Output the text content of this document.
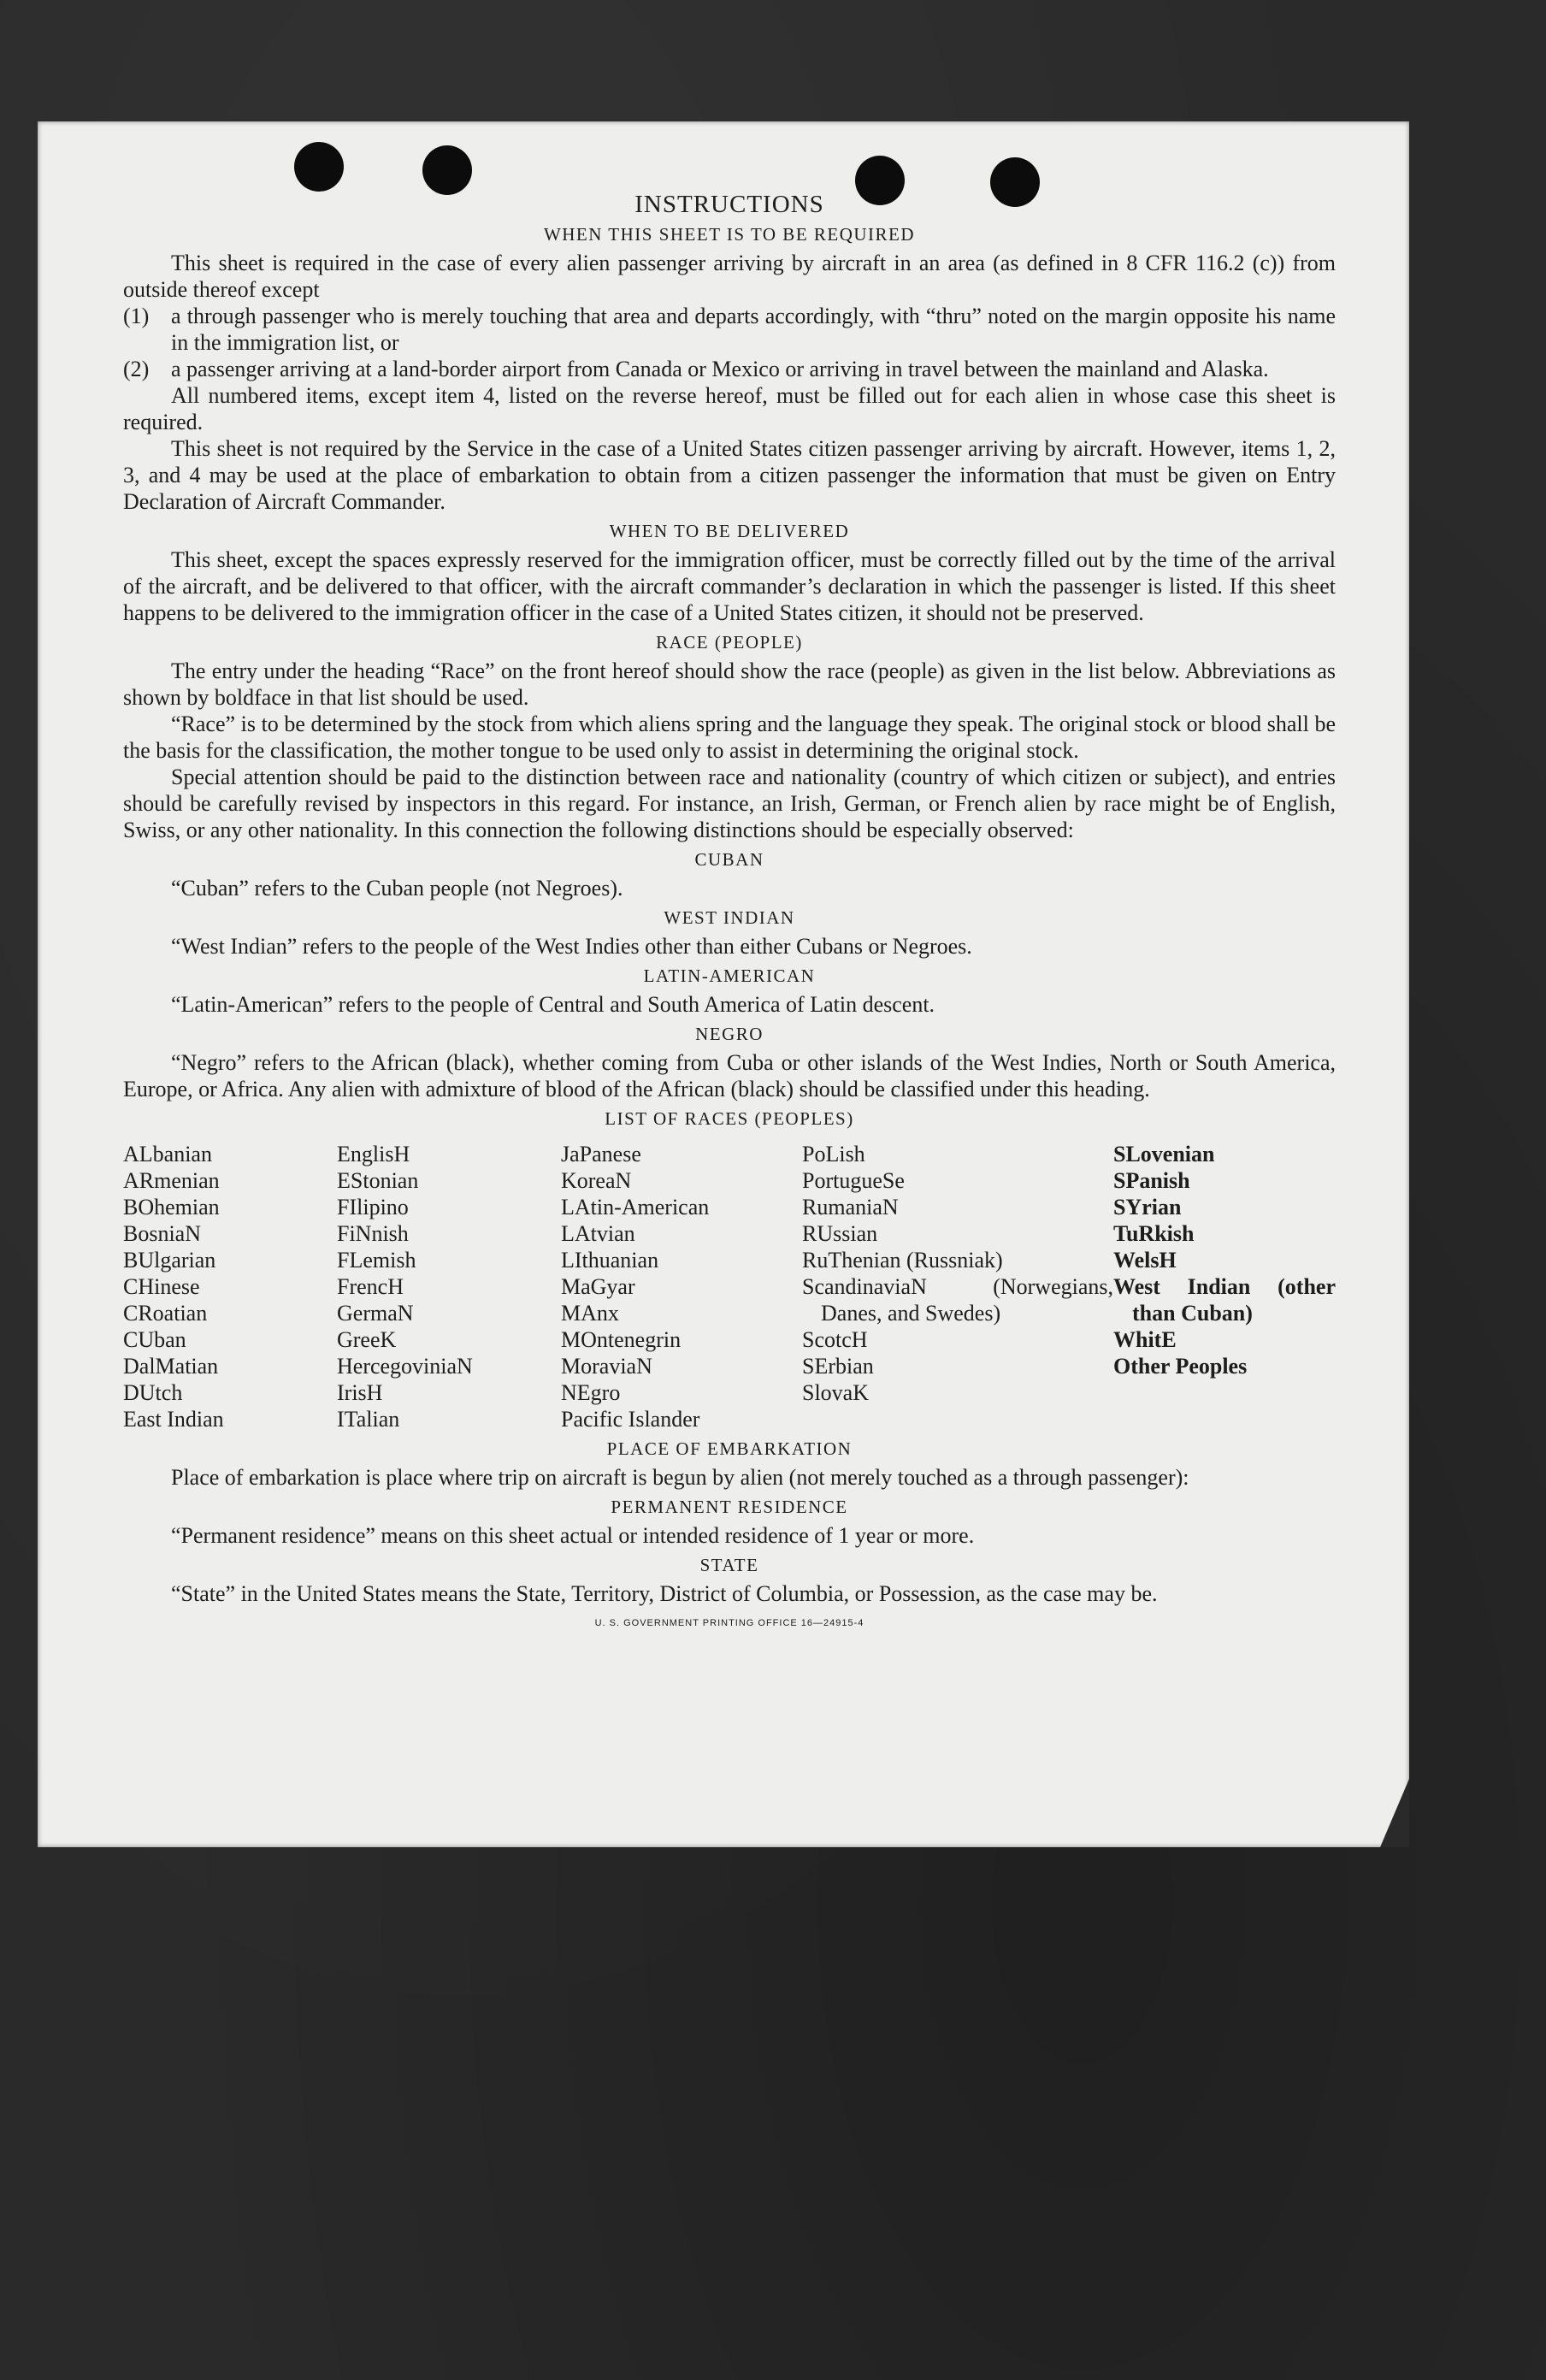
INSTRUCTIONS
WHEN THIS SHEET IS TO BE REQUIRED

This sheet is required in the case of every alien passenger arriving by aircraft in an area (as defined in 8 CFR 116.2 (c)) from outside thereof except

(1) a through passenger who is merely touching that area and departs accordingly, with “thru” noted on the margin opposite his name in the immigration list, or
(2) a passenger arriving at a land-border airport from Canada or Mexico or arriving in travel between the mainland and Alaska.

All numbered items, except item 4, listed on the reverse hereof, must be filled out for each alien in whose case this sheet is required.

This sheet is not required by the Service in the case of a United States citizen passenger arriving by aircraft. However, items 1, 2, 3, and 4 may be used at the place of embarkation to obtain from a citizen passenger the information that must be given on Entry Declaration of Aircraft Commander.

WHEN TO BE DELIVERED

This sheet, except the spaces expressly reserved for the immigration officer, must be correctly filled out by the time of the arrival of the aircraft, and be delivered to that officer, with the aircraft commander’s declaration in which the passenger is listed. If this sheet happens to be delivered to the immigration officer in the case of a United States citizen, it should not be preserved.

RACE (PEOPLE)

The entry under the heading “Race” on the front hereof should show the race (people) as given in the list below. Abbreviations as shown by boldface in that list should be used.

“Race” is to be determined by the stock from which aliens spring and the language they speak. The original stock or blood shall be the basis for the classification, the mother tongue to be used only to assist in determining the original stock.

Special attention should be paid to the distinction between race and nationality (country of which citizen or subject), and entries should be carefully revised by inspectors in this regard. For instance, an Irish, German, or French alien by race might be of English, Swiss, or any other nationality. In this connection the following distinctions should be especially observed:

CUBAN

“Cuban” refers to the Cuban people (not Negroes).

WEST INDIAN

“West Indian” refers to the people of the West Indies other than either Cubans or Negroes.

LATIN-AMERICAN

“Latin-American” refers to the people of Central and South America of Latin descent.

NEGRO

“Negro” refers to the African (black), whether coming from Cuba or other islands of the West Indies, North or South America, Europe, or Africa. Any alien with admixture of blood of the African (black) should be classified under this heading.

LIST OF RACES (PEOPLES)
ALbanian
ARmenian
BOhemian
BosniaN
BUlgarian
CHinese
CRoatian
CUban
DalMatian
DUtch
East Indian
EnglisH
EStonian
FIlipino
FiNnish
FLemish
FrencH
GermaN
GreeK
HercegoviniaN
IrisH
ITalian
JaPanese
KoreaN
LAtin-American
LAtvian
LIthuanian
MaGyar
MAnx
MOntenegrin
MoraviaN
NEgro
Pacific Islander
PoLish
PortugueSe
RumaniaN
RUssian
RuThenian (Russniak)
ScandinaviaN (Norwegians, Danes, and Swedes)
ScotcH
SErbian
SlovaK
SLovenian
SPanish
SYrian
TuRkish
WelsH
West Indian (other than Cuban)
WhitE
Other Peoples
PLACE OF EMBARKATION

Place of embarkation is place where trip on aircraft is begun by alien (not merely touched as a through passenger):

PERMANENT RESIDENCE

“Permanent residence” means on this sheet actual or intended residence of 1 year or more.

STATE

“State” in the United States means the State, Territory, District of Columbia, or Possession, as the case may be.

U. S. GOVERNMENT PRINTING OFFICE 16—24915-4
